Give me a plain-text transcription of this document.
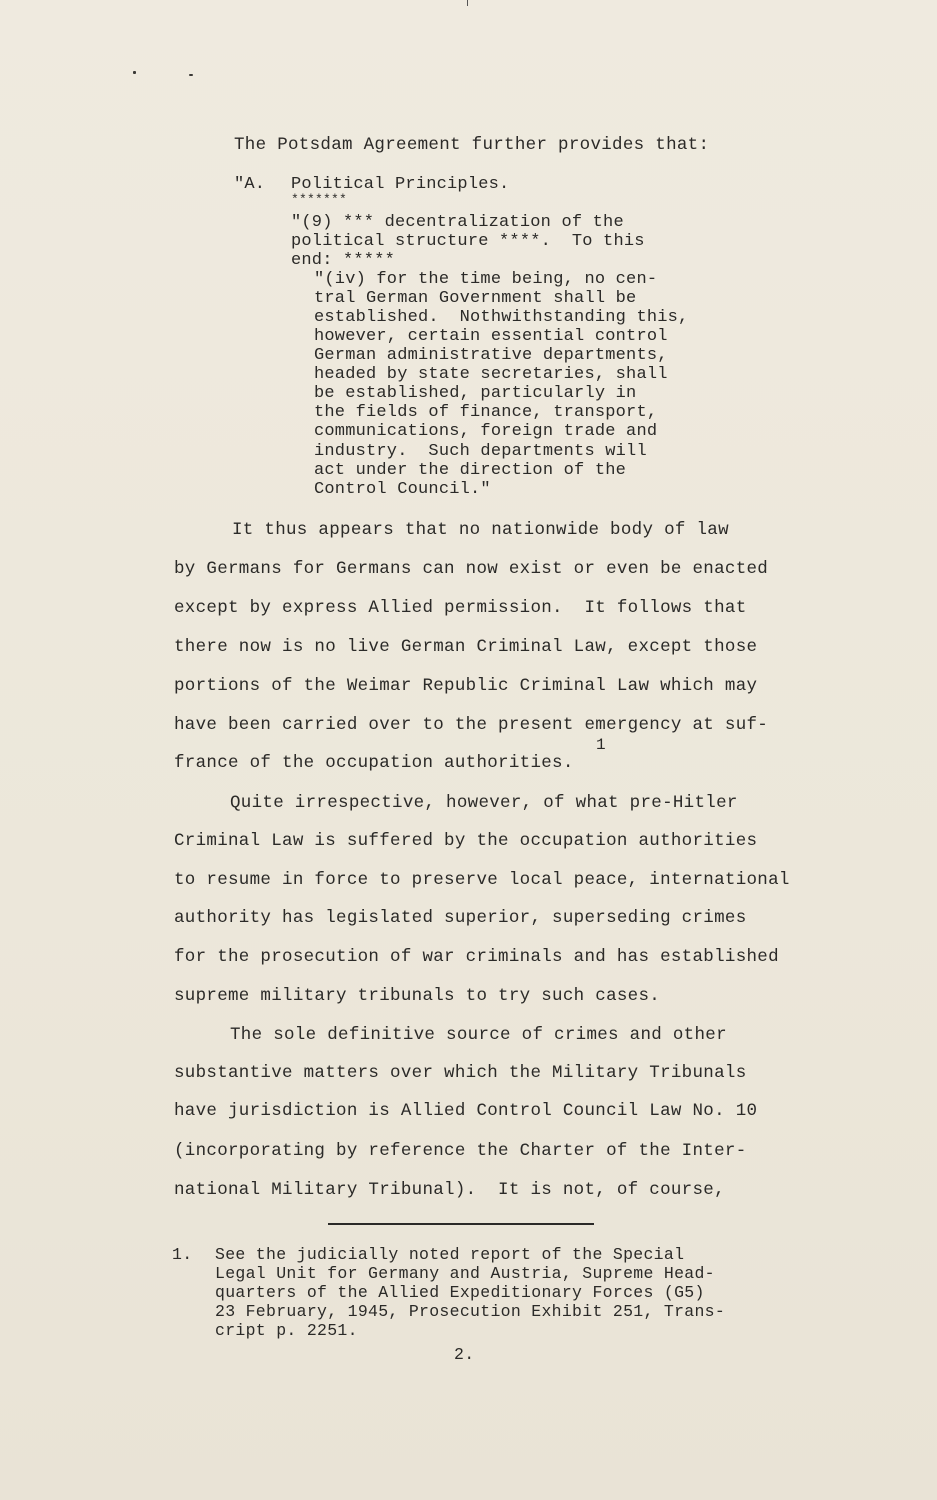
The Potsdam Agreement further provides that:
"A. Political Principles.
*******
"(9) *** decentralization of the
political structure ****.  To this
end: *****
"(iv) for the time being, no cen-
tral German Government shall be
established.  Nothwithstanding this,
however, certain essential control
German administrative departments,
headed by state secretaries, shall
be established, particularly in
the fields of finance, transport,
communications, foreign trade and
industry.  Such departments will
act under the direction of the
Control Council."
It thus appears that no nationwide body of law
by Germans for Germans can now exist or even be enacted
except by express Allied permission.  It follows that
there now is no live German Criminal Law, except those
portions of the Weimar Republic Criminal Law which may
have been carried over to the present emergency at suf-
1
france of the occupation authorities.
Quite irrespective, however, of what pre-Hitler
Criminal Law is suffered by the occupation authorities
to resume in force to preserve local peace, international
authority has legislated superior, superseding crimes
for the prosecution of war criminals and has established
supreme military tribunals to try such cases.
The sole definitive source of crimes and other
substantive matters over which the Military Tribunals
have jurisdiction is Allied Control Council Law No. 10
(incorporating by reference the Charter of the Inter-
national Military Tribunal).  It is not, of course,
1. See the judicially noted report of the Special
Legal Unit for Germany and Austria, Supreme Head-
quarters of the Allied Expeditionary Forces (G5)
23 February, 1945, Prosecution Exhibit 251, Trans-
cript p. 2251.
2.
